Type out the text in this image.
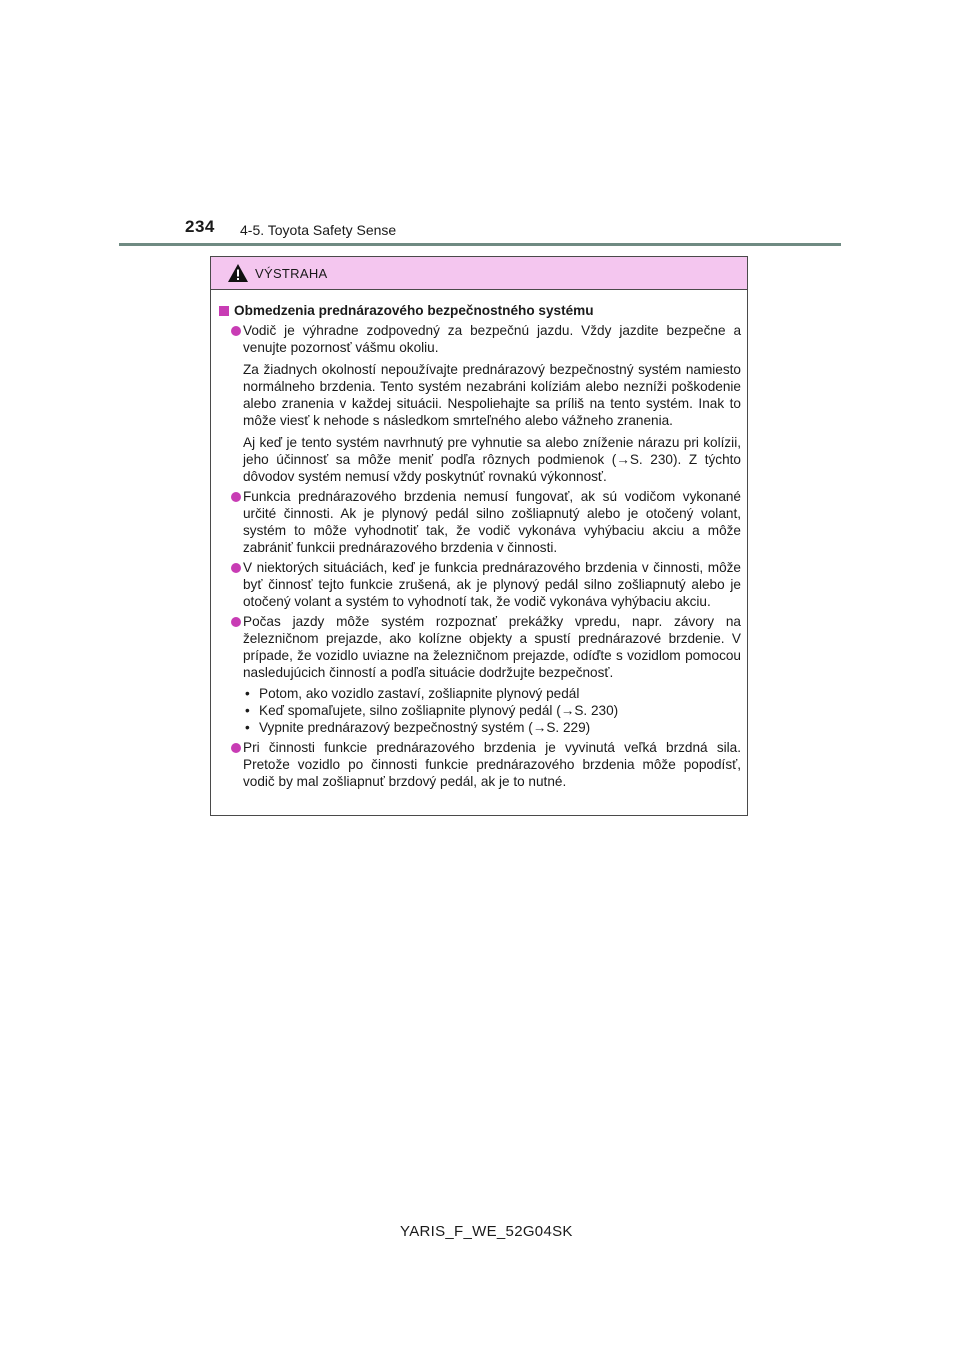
234 4-5. Toyota Safety Sense
VÝSTRAHA
Obmedzenia prednárazového bezpečnostného systému
Vodič je výhradne zodpovedný za bezpečnú jazdu. Vždy jazdite bezpečne a venujte pozornosť vášmu okoliu.
Za žiadnych okolností nepoužívajte prednárazový bezpečnostný systém namiesto normálneho brzdenia. Tento systém nezabráni kolíziám alebo nezníži poškodenie alebo zranenia v každej situácii. Nespoliehajte sa príliš na tento systém. Inak to môže viesť k nehode s následkom smrteľného alebo vážneho zranenia.
Aj keď je tento systém navrhnutý pre vyhnutie sa alebo zníženie nárazu pri kolízii, jeho účinnosť sa môže meniť podľa rôznych podmienok (→S. 230). Z týchto dôvodov systém nemusí vždy poskytnúť rovnakú výkonnosť.
Funkcia prednárazového brzdenia nemusí fungovať, ak sú vodičom vykonané určité činnosti. Ak je plynový pedál silno zošliapnutý alebo je otočený volant, systém to môže vyhodnotiť tak, že vodič vykonáva vyhýbaciu akciu a môže zabrániť funkcii prednárazového brzdenia v činnosti.
V niektorých situáciách, keď je funkcia prednárazového brzdenia v činnosti, môže byť činnosť tejto funkcie zrušená, ak je plynový pedál silno zošliapnutý alebo je otočený volant a systém to vyhodnotí tak, že vodič vykonáva vyhýbaciu akciu.
Počas jazdy môže systém rozpoznať prekážky vpredu, napr. závory na železničnom prejazde, ako kolízne objekty a spustí prednárazové brzdenie. V prípade, že vozidlo uviazne na železničnom prejazde, odíďte s vozidlom pomocou nasledujúcich činností a podľa situácie dodržujte bezpečnosť.
• Potom, ako vozidlo zastaví, zošliapnite plynový pedál
• Keď spomaľujete, silno zošliapnite plynový pedál (→S. 230)
• Vypnite prednárazový bezpečnostný systém (→S. 229)
Pri činnosti funkcie prednárazového brzdenia je vyvinutá veľká brzdná sila. Pretože vozidlo po činnosti funkcie prednárazového brzdenia môže popodísť, vodič by mal zošliapnuť brzdový pedál, ak je to nutné.
YARIS_F_WE_52G04SK
